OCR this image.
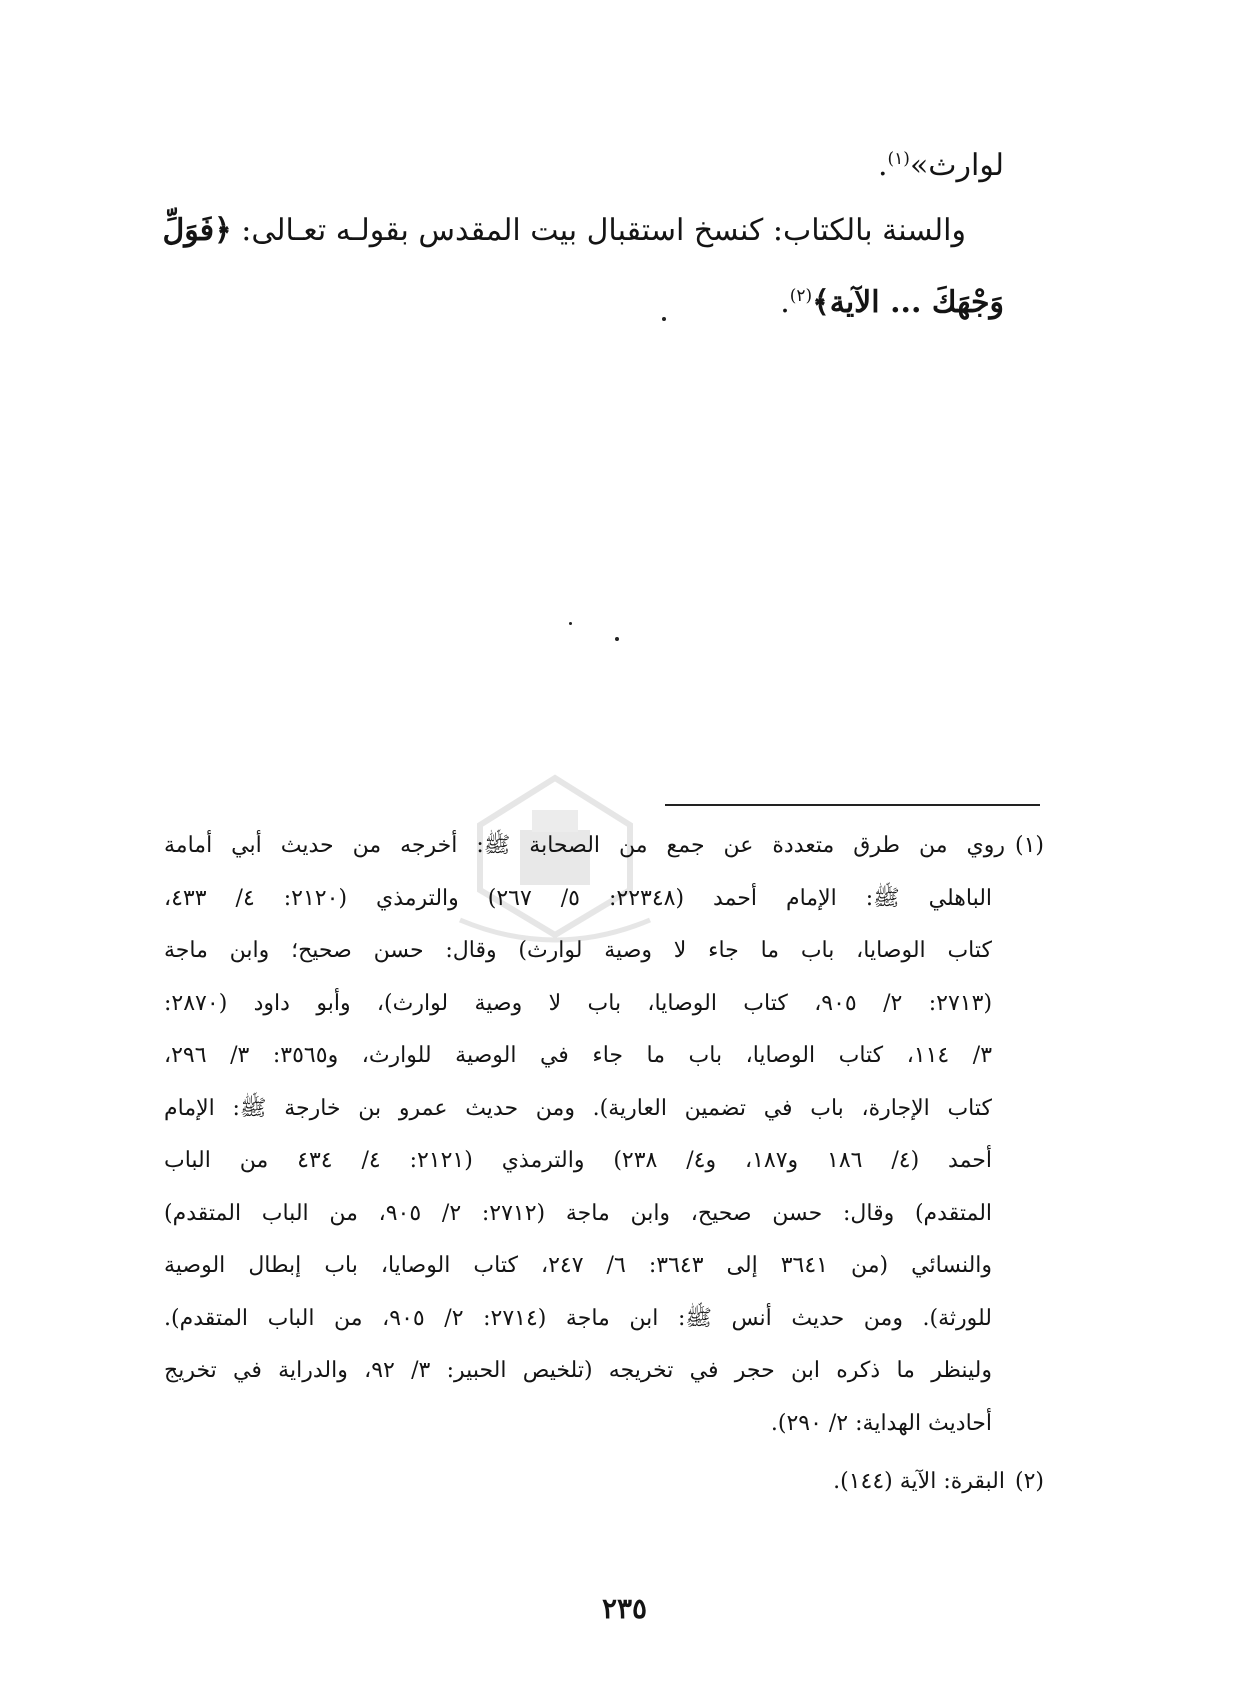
لوارث»$^{(١)}$.
والسنة بالكتاب: كنسخ استقبال بيت المقدس بقولـه تعـالى: ﴿فَوَلِّ
وَجْهَكَ ... الآية﴾$^{(٢)}$.
(١)روي من طرق متعددة عن جمع من الصحابة ﷺ: أخرجه من حديث أبي أمامة
الباهلي ﷺ: الإمام أحمد (٢٢٣٤٨: ٥/ ٢٦٧) والترمذي (٢١٢٠: ٤/ ٤٣٣،
كتاب الوصايا، باب ما جاء لا وصية لوارث) وقال: حسن صحيح؛ وابن ماجة
(٢٧١٣: ٢/ ٩٠٥، كتاب الوصايا، باب لا وصية لوارث)، وأبو داود (٢٨٧٠:
٣/ ١١٤، كتاب الوصايا، باب ما جاء في الوصية للوارث، و٣٥٦٥: ٣/ ٢٩٦،
كتاب الإجارة، باب في تضمين العارية). ومن حديث عمرو بن خارجة ﷺ: الإمام
أحمد (٤/ ١٨٦ و١٨٧، و٤/ ٢٣٨) والترمذي (٢١٢١: ٤/ ٤٣٤ من الباب
المتقدم) وقال: حسن صحيح، وابن ماجة (٢٧١٢: ٢/ ٩٠٥، من الباب المتقدم)
والنسائي (من ٣٦٤١ إلى ٣٦٤٣: ٦/ ٢٤٧، كتاب الوصايا، باب إبطال الوصية
للورثة). ومن حديث أنس ﷺ: ابن ماجة (٢٧١٤: ٢/ ٩٠٥، من الباب المتقدم).
ولينظر ما ذكره ابن حجر في تخريجه (تلخيص الحبير: ٣/ ٩٢، والدراية في تخريج
أحاديث الهداية: ٢/ ٢٩٠).
(٢)البقرة: الآية (١٤٤).
٢٣٥
